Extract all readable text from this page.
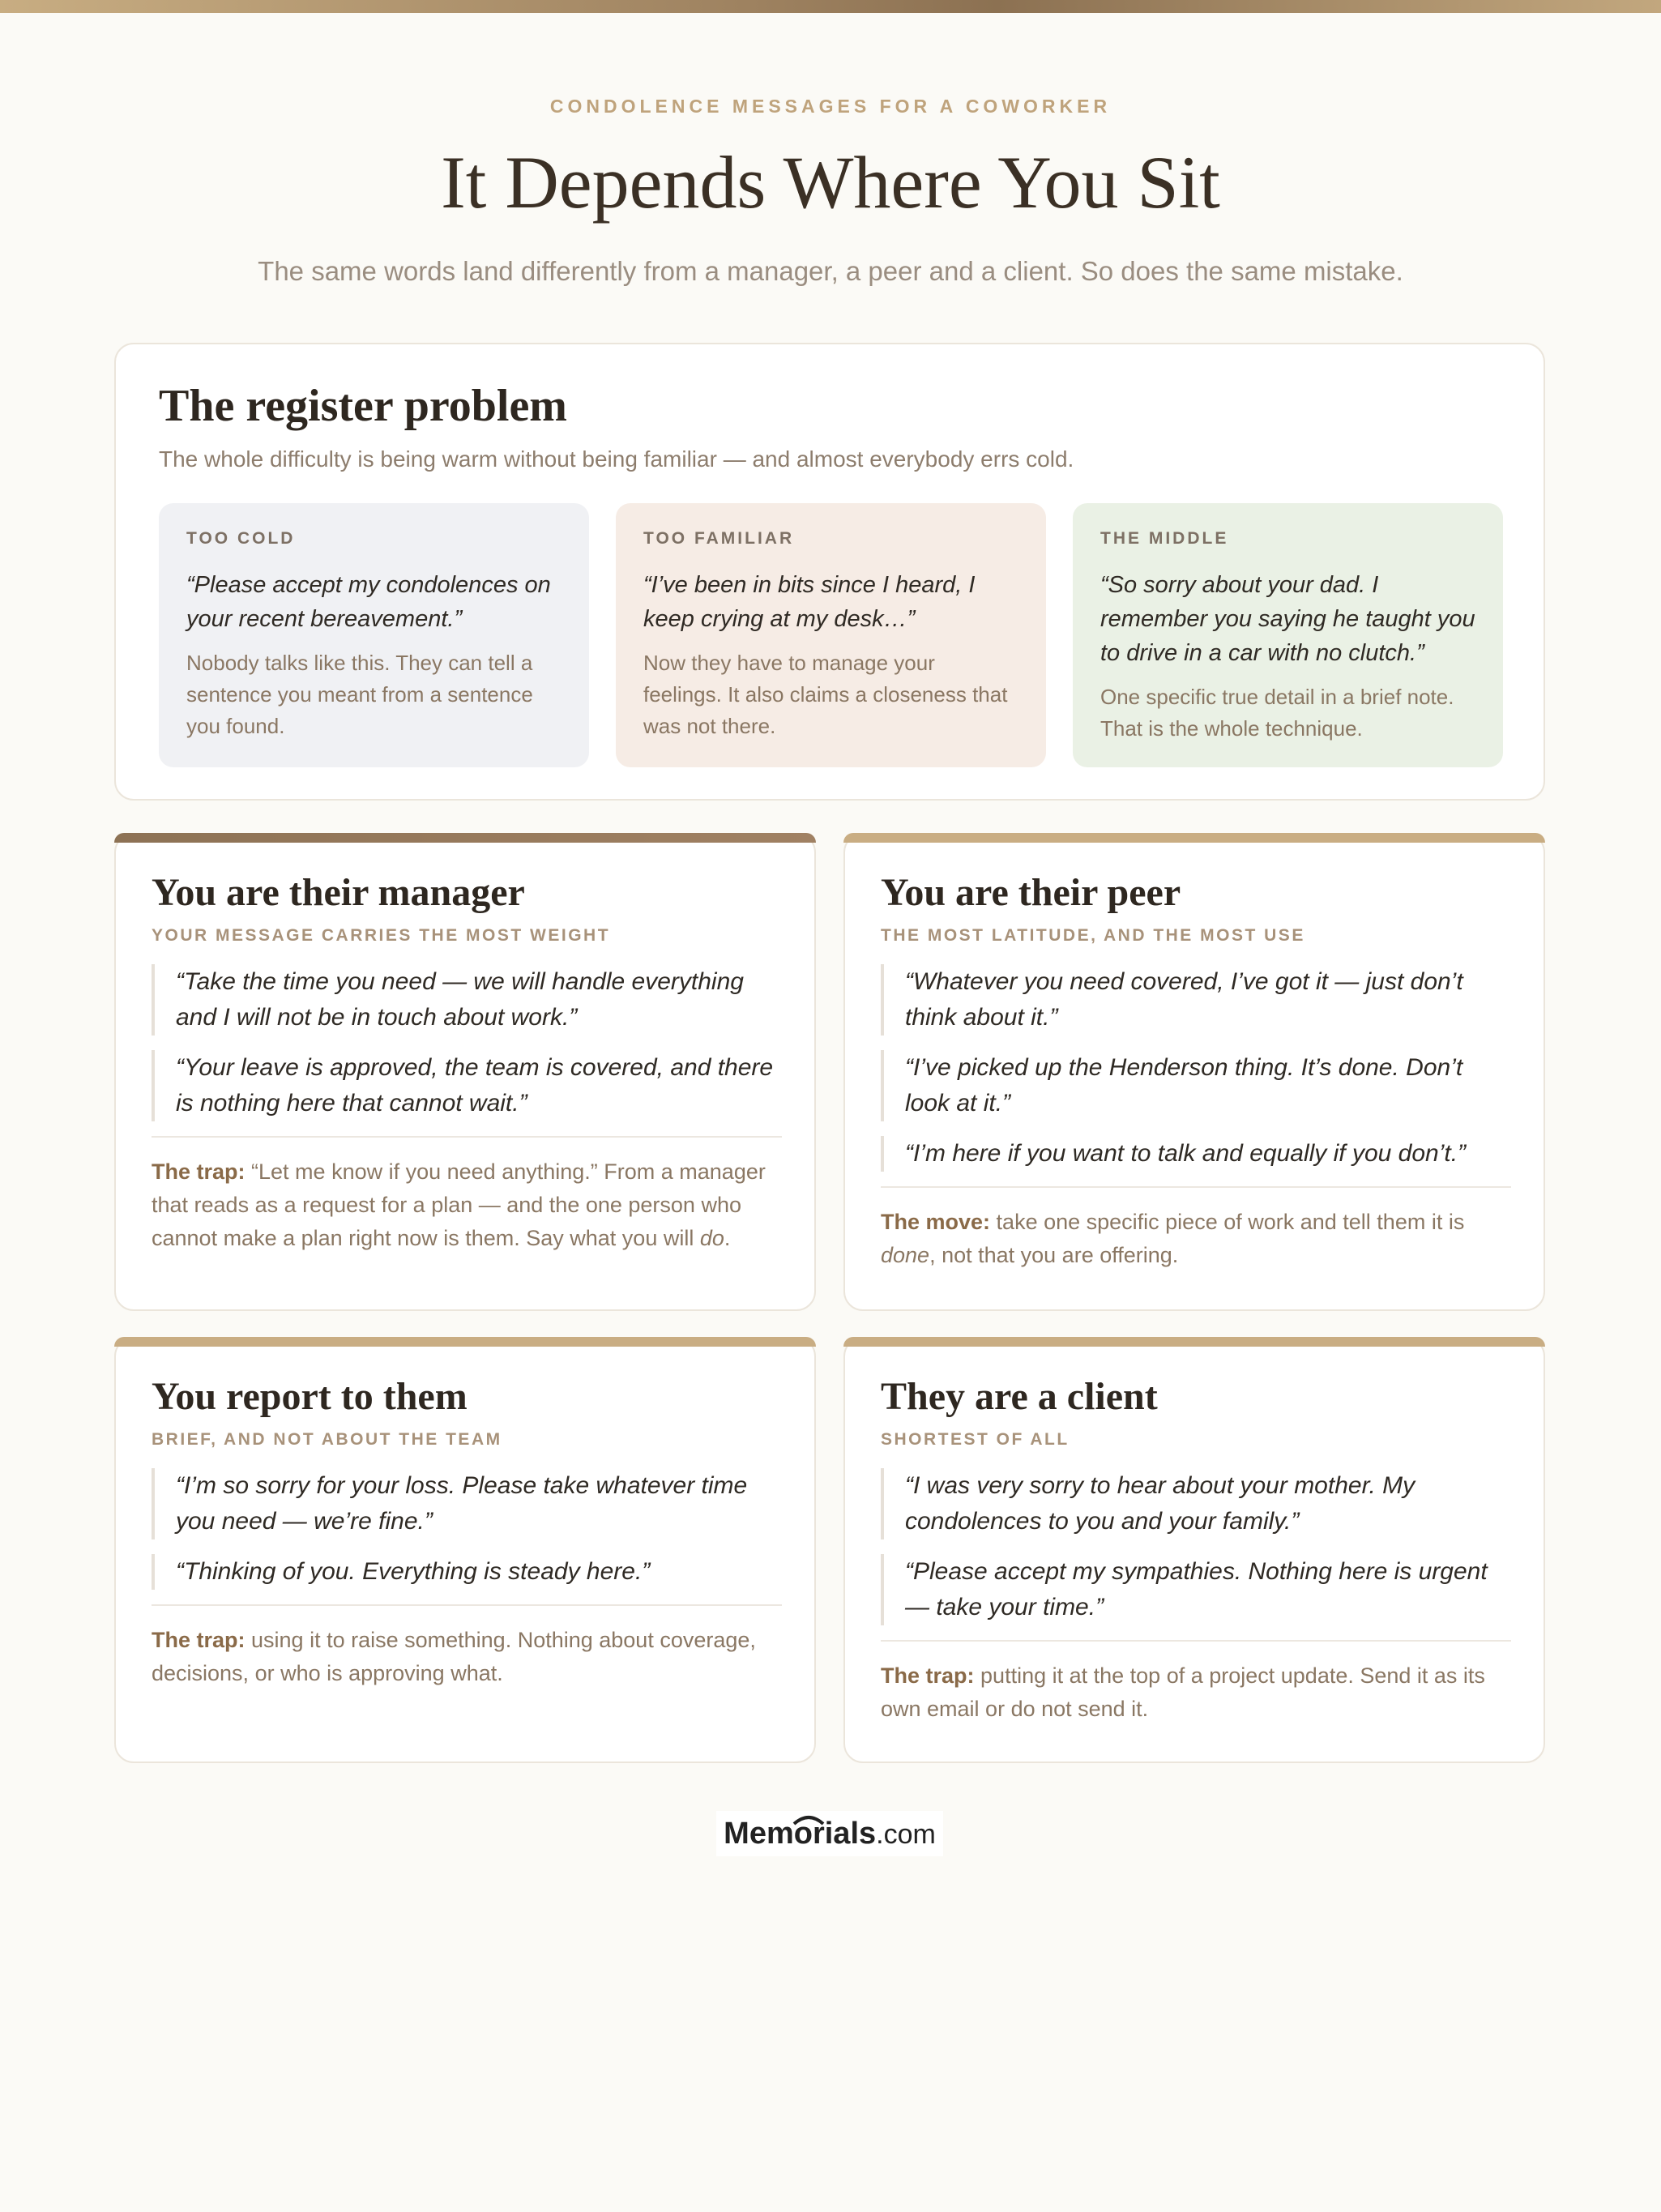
CONDOLENCE MESSAGES FOR A COWORKER
It Depends Where You Sit
The same words land differently from a manager, a peer and a client. So does the same mistake.
The register problem
The whole difficulty is being warm without being familiar — and almost everybody errs cold.
TOO COLD
“Please accept my condolences on your recent bereavement.”
Nobody talks like this. They can tell a sentence you meant from a sentence you found.
TOO FAMILIAR
“I’ve been in bits since I heard, I keep crying at my desk…”
Now they have to manage your feelings. It also claims a closeness that was not there.
THE MIDDLE
“So sorry about your dad. I remember you saying he taught you to drive in a car with no clutch.”
One specific true detail in a brief note. That is the whole technique.
You are their manager
YOUR MESSAGE CARRIES THE MOST WEIGHT
“Take the time you need — we will handle everything and I will not be in touch about work.”
“Your leave is approved, the team is covered, and there is nothing here that cannot wait.”
The trap: “Let me know if you need anything.” From a manager that reads as a request for a plan — and the one person who cannot make a plan right now is them. Say what you will do.
You are their peer
THE MOST LATITUDE, AND THE MOST USE
“Whatever you need covered, I’ve got it — just don’t think about it.”
“I’ve picked up the Henderson thing. It’s done. Don’t look at it.”
“I’m here if you want to talk and equally if you don’t.”
The move: take one specific piece of work and tell them it is done, not that you are offering.
You report to them
BRIEF, AND NOT ABOUT THE TEAM
“I’m so sorry for your loss. Please take whatever time you need — we’re fine.”
“Thinking of you. Everything is steady here.”
The trap: using it to raise something. Nothing about coverage, decisions, or who is approving what.
They are a client
SHORTEST OF ALL
“I was very sorry to hear about your mother. My condolences to you and your family.”
“Please accept my sympathies. Nothing here is urgent — take your time.”
The trap: putting it at the top of a project update. Send it as its own email or do not send it.
Memorials.com
